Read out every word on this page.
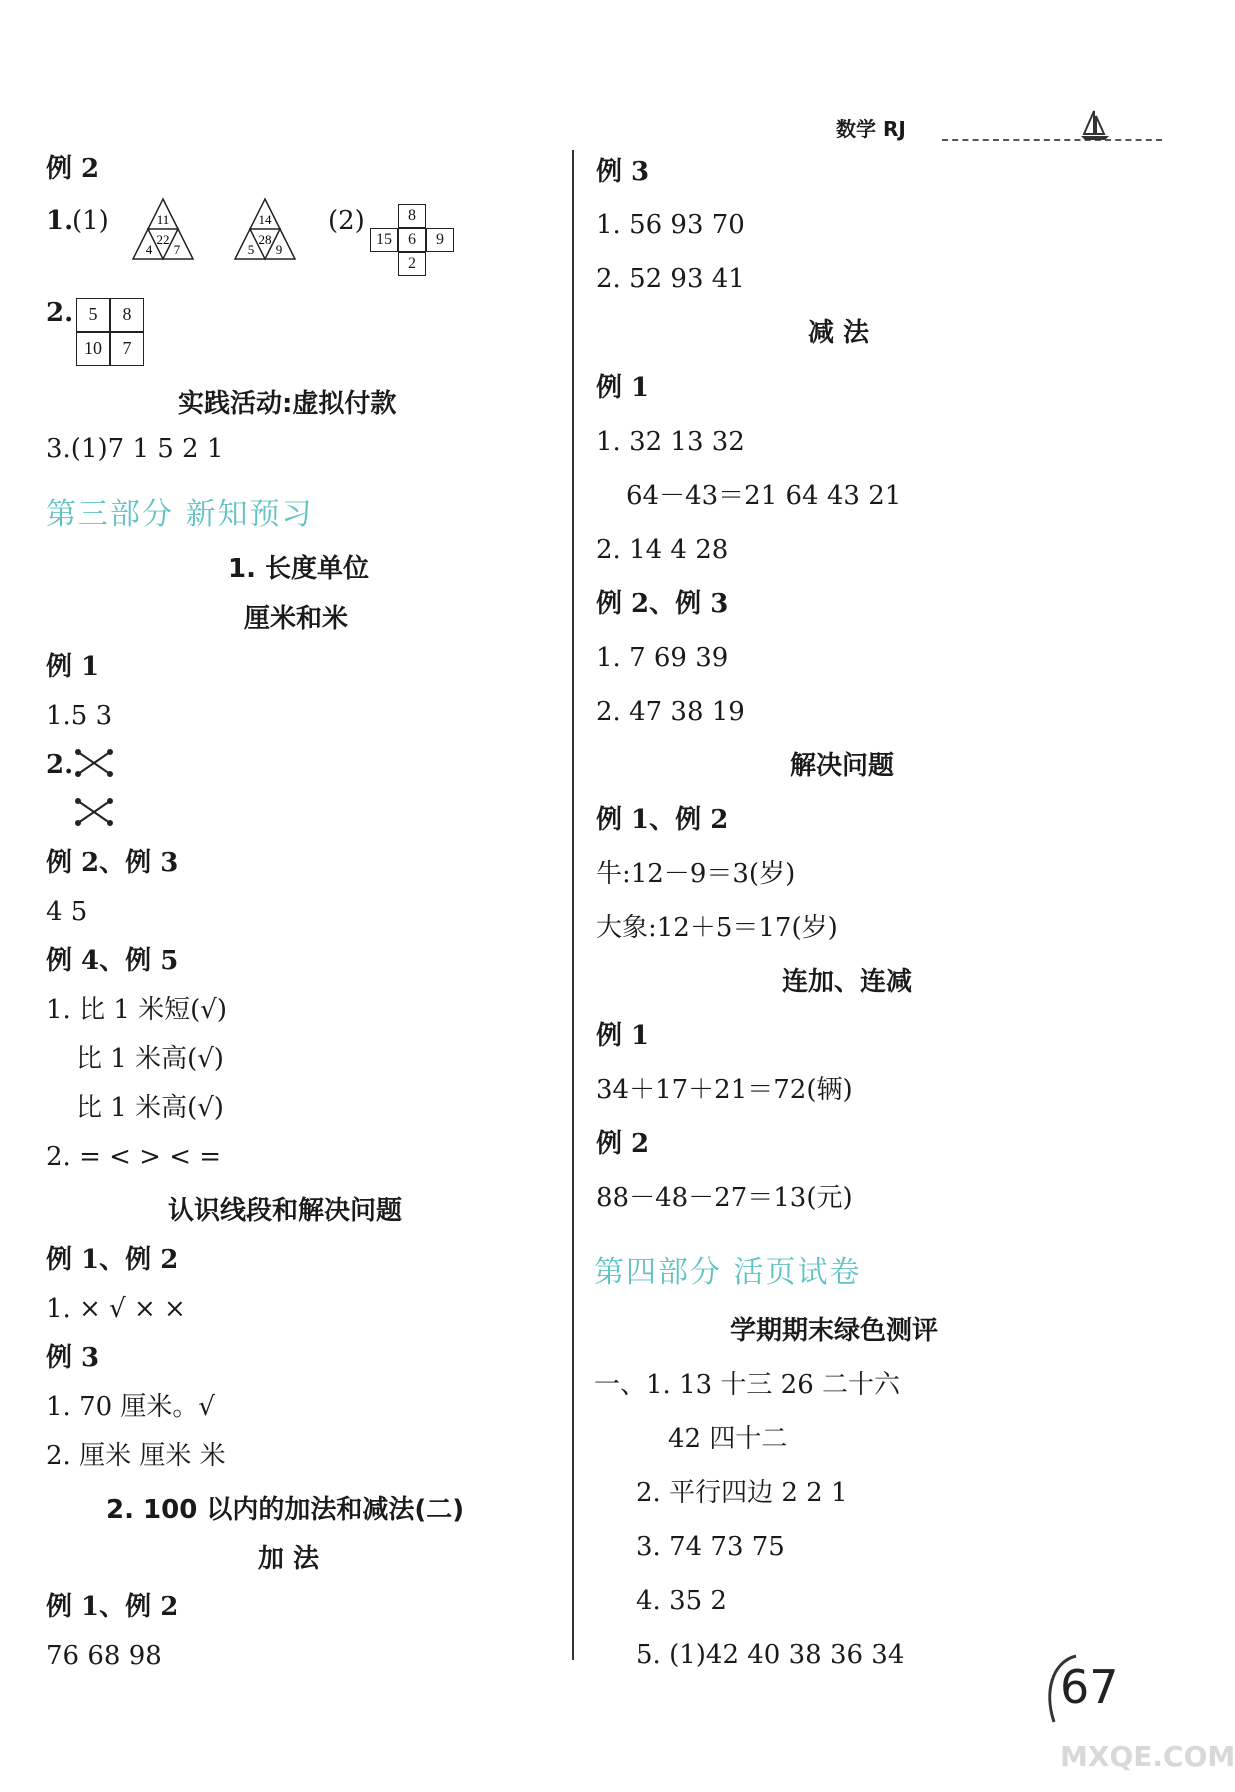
数学 RJ
例 2
1.
(1)	11
22
4 7
14
28
5 9
(2)	8
15	6	9
2
2. 5	8
10	7
实践活动:虚拟付款
3.(1)7 1 5 2 1
第三部分 新知预习
1. 长度单位
厘米和米
例 1
1.5 3
2.
例 2、例 3
4 5
例 4、例 5
1. 比 1 米短(√)
比 1 米高(√)
比 1 米高(√)
2. = < > < =
认识线段和解决问题
例 1、例 2
1. × √ × ×
例 3
1. 70 厘米。√
2. 厘米 厘米 米
2. 100 以内的加法和减法(二)
加 法
例 1、例 2
76 68 98
例 3
1. 56 93 70
2. 52 93 41
减 法
例 1
1. 32 13 32
64－43＝21 64 43 21
2. 14 4 28
例 2、例 3
1. 7 69 39
2. 47 38 19
解决问题
例 1、例 2
牛:12－9＝3(岁)
大象:12＋5＝17(岁)
连加、连减
例 1
34＋17＋21＝72(辆)
例 2
88－48－27＝13(元)
第四部分 活页试卷
学期期末绿色测评
一、1. 13 十三 26 二十六
42 四十二
2. 平行四边 2 2 1
3. 74 73 75
4. 35 2
5. (1)42 40 38 36 34
67
MXQE.COM
